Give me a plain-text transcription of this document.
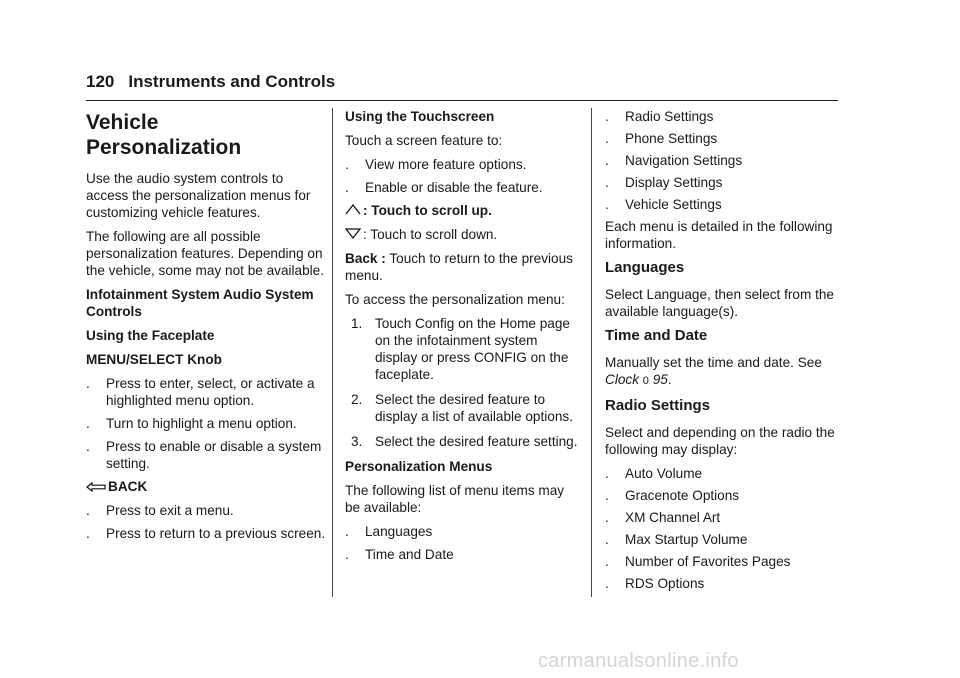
120 Instruments and Controls
Vehicle
Personalization

Use the audio system controls to access the personalization menus for customizing vehicle features.

The following are all possible personalization features. Depending on the vehicle, some may not be available.

Infotainment System Audio System Controls

Using the Faceplate

MENU/SELECT Knob

. Press to enter, select, or activate a highlighted menu option.
. Turn to highlight a menu option.
. Press to enable or disable a system setting.

BACK

. Press to exit a menu.
. Press to return to a previous screen.

Using the Touchscreen

Touch a screen feature to:

. View more feature options.
. Enable or disable the feature.

: Touch to scroll up.

: Touch to scroll down.

Back : Touch to return to the previous menu.

To access the personalization menu:

1. Touch Config on the Home page on the infotainment system display or press CONFIG on the faceplate.
2. Select the desired feature to display a list of available options.
3. Select the desired feature setting.

Personalization Menus

The following list of menu items may be available:

. Languages
. Time and Date
. Radio Settings
. Phone Settings
. Navigation Settings
. Display Settings
. Vehicle Settings

Each menu is detailed in the following information.

Languages

Select Language, then select from the available language(s).

Time and Date

Manually set the time and date. See
Clock 0 95.

Radio Settings

Select and depending on the radio the following may display:

. Auto Volume
. Gracenote Options
. XM Channel Art
. Max Startup Volume
. Number of Favorites Pages
. RDS Options
carmanualsonline.info
